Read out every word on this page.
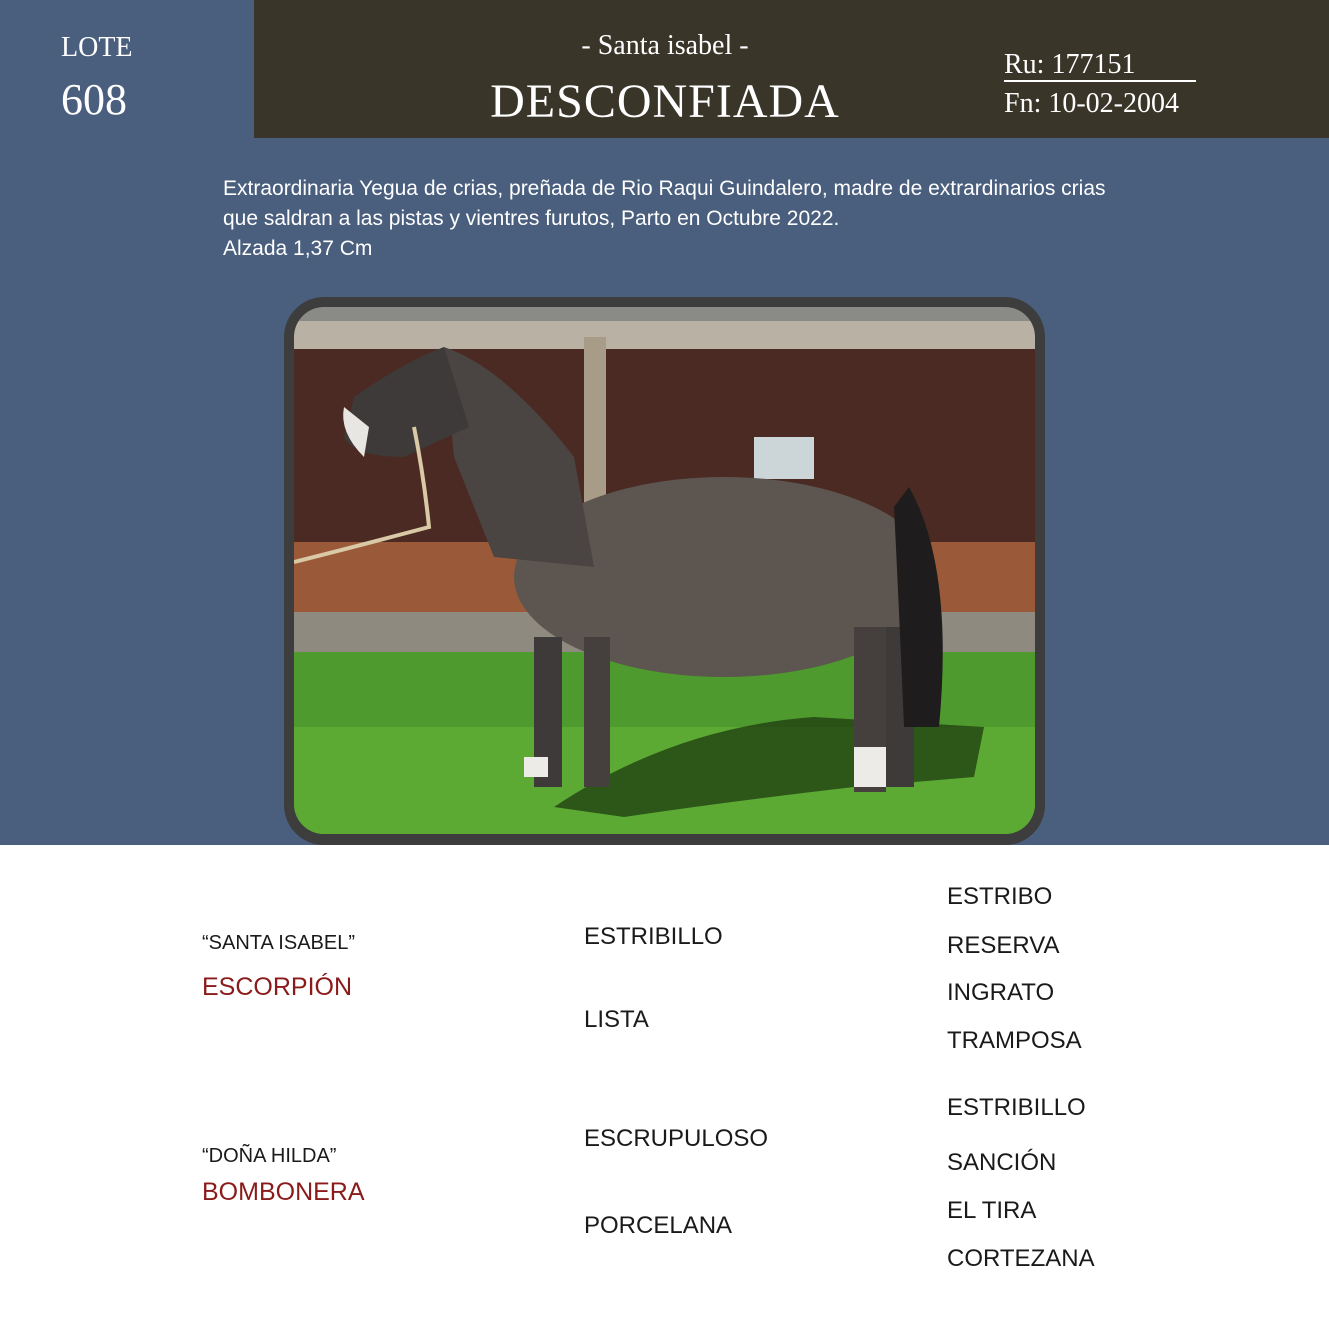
LOTE
608
- Santa isabel -
DESCONFIADA
Ru: 177151
Fn: 10-02-2004
Extraordinaria Yegua de crias, preñada de Rio Raqui Guindalero, madre de extrardinarios crias
que saldran a las pistas y vientres furutos, Parto en Octubre 2022.
Alzada 1,37 Cm
“SANTA ISABEL”
ESCORPIÓN
ESTRIBILLO
LISTA
ESTRIBO
RESERVA
INGRATO
TRAMPOSA
“DOÑA HILDA”
BOMBONERA
ESCRUPULOSO
PORCELANA
ESTRIBILLO
SANCIÓN
EL TIRA
CORTEZANA
